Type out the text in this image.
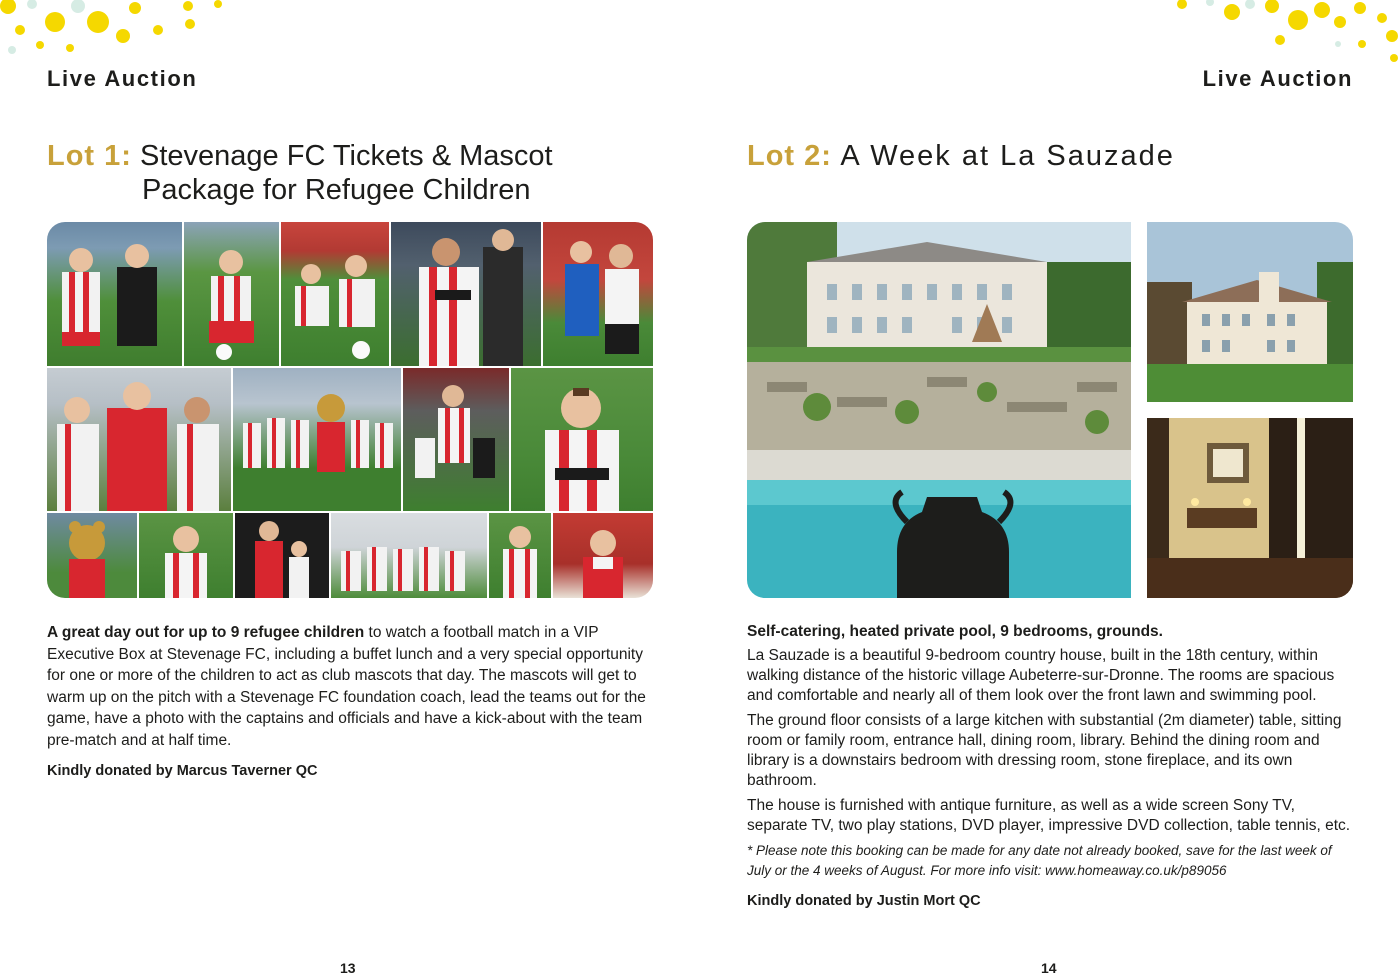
Live Auction
Lot 1: Stevenage FC Tickets & Mascot
Package for Refugee Children

A great day out for up to 9 refugee children to watch a football match in a VIP Executive Box at Stevenage FC, including a buffet lunch and a very special opportunity for one or more of the children to act as club mascots that day. The mascots will get to warm up on the pitch with a Stevenage FC foundation coach, lead the teams out for the game, have a photo with the captains and officials and have a kick-about with the team pre-match and at half time.

Kindly donated by Marcus Taverner QC
13
Live Auction
Lot 2: A Week at La Sauzade

Self-catering, heated private pool, 9 bedrooms, grounds.

La Sauzade is a beautiful 9-bedroom country house, built in the 18th century, within walking distance of the historic village Aubeterre-sur-Dronne. The rooms are spacious and comfortable and nearly all of them look over the front lawn and swimming pool.

The ground floor consists of a large kitchen with substantial (2m diameter) table, sitting room or family room, entrance hall, dining room, library. Behind the dining room and library is a downstairs bedroom with dressing room, stone fireplace, and its own bathroom.

The house is furnished with antique furniture, as well as a wide screen Sony TV, separate TV, two play stations, DVD player, impressive DVD collection, table tennis, etc.

* Please note this booking can be made for any date not already booked, save for the last week of July or the 4 weeks of August. For more info visit: www.homeaway.co.uk/p89056

Kindly donated by Justin Mort QC
14
